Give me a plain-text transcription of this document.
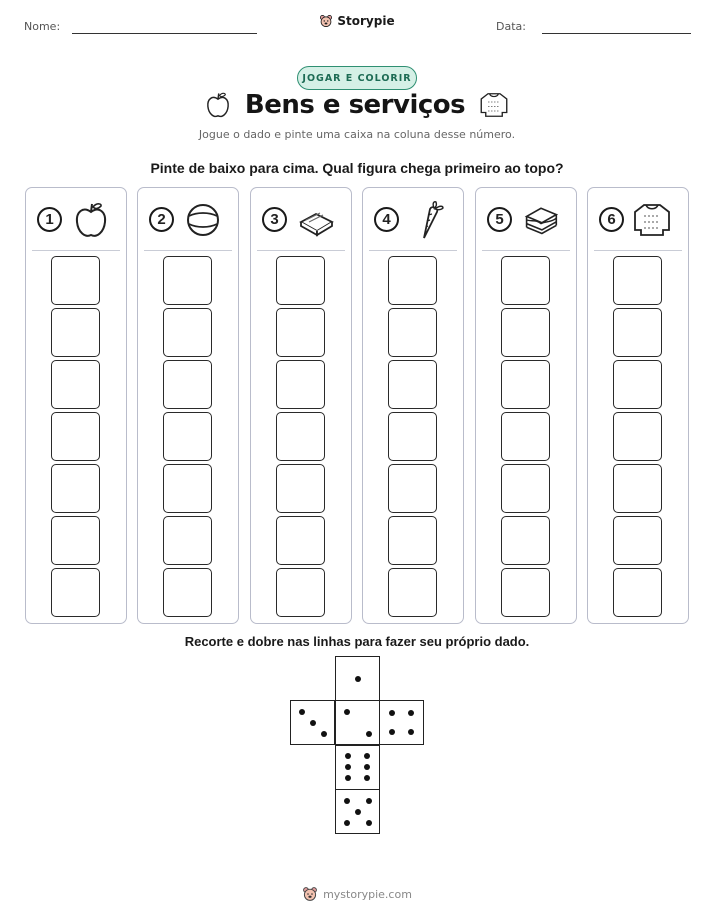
Nome:	Data:
Storypie
JOGAR E COLORIR
Bens e serviços
Jogue o dado e pinte uma caixa na coluna desse número.
Pinte de baixo para cima. Qual figura chega primeiro ao topo?
1	2	3	4	5	6
Recorte e dobre nas linhas para fazer seu próprio dado.
mystorypie.com
